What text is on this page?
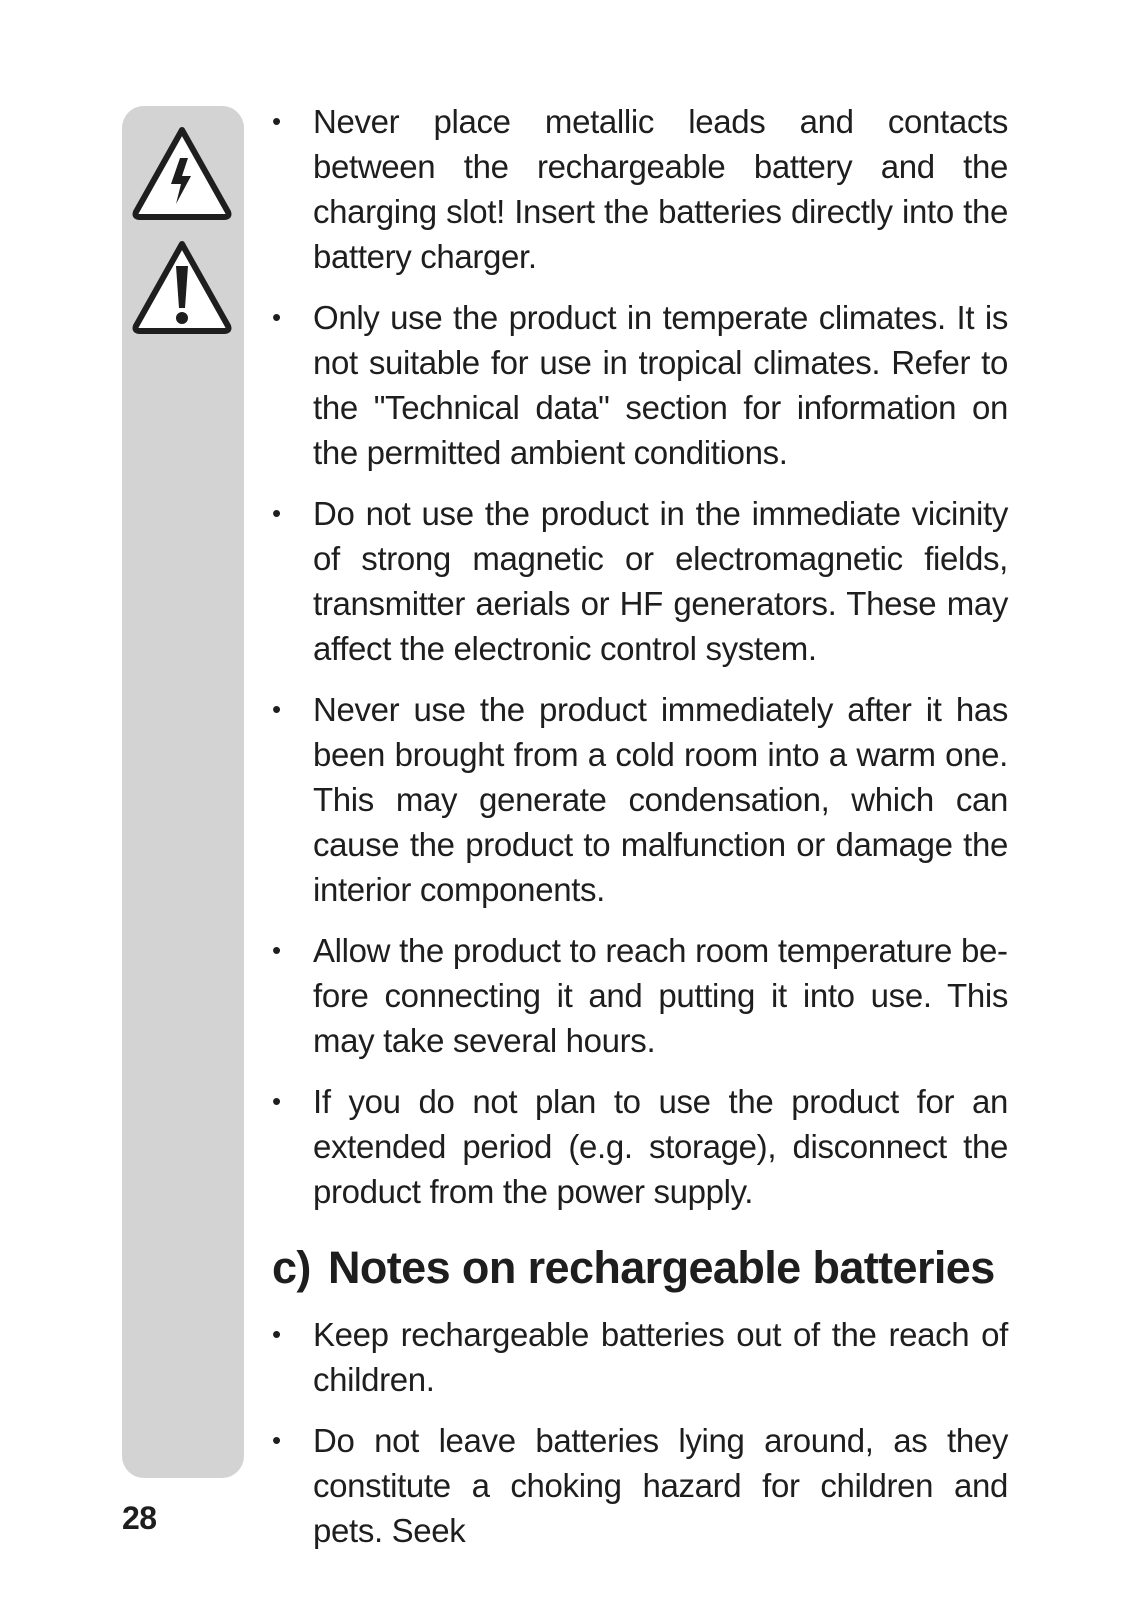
• Never place metallic leads and contacts between the rechargeable battery and the charging slot! Insert the batteries directly into the battery charger.
• Only use the product in temperate climates. It is not suitable for use in tropical climates. Refer to the "Technical data" section for information on the permitted ambient conditions.
• Do not use the product in the immediate vicinity of strong magnetic or electromagnetic fields, transmitter aerials or HF generators. These may affect the electronic control system.
• Never use the product immediately after it has been brought from a cold room into a warm one. This may generate condensation, which can cause the product to malfunction or damage the interior components.
• Allow the product to reach room temperature before connecting it and putting it into use. This may take several hours.
• If you do not plan to use the product for an extended period (e.g. storage), disconnect the product from the power supply.
c) Notes on rechargeable batteries
• Keep rechargeable batteries out of the reach of children.
• Do not leave batteries lying around, as they constitute a choking hazard for children and pets. Seek
28
